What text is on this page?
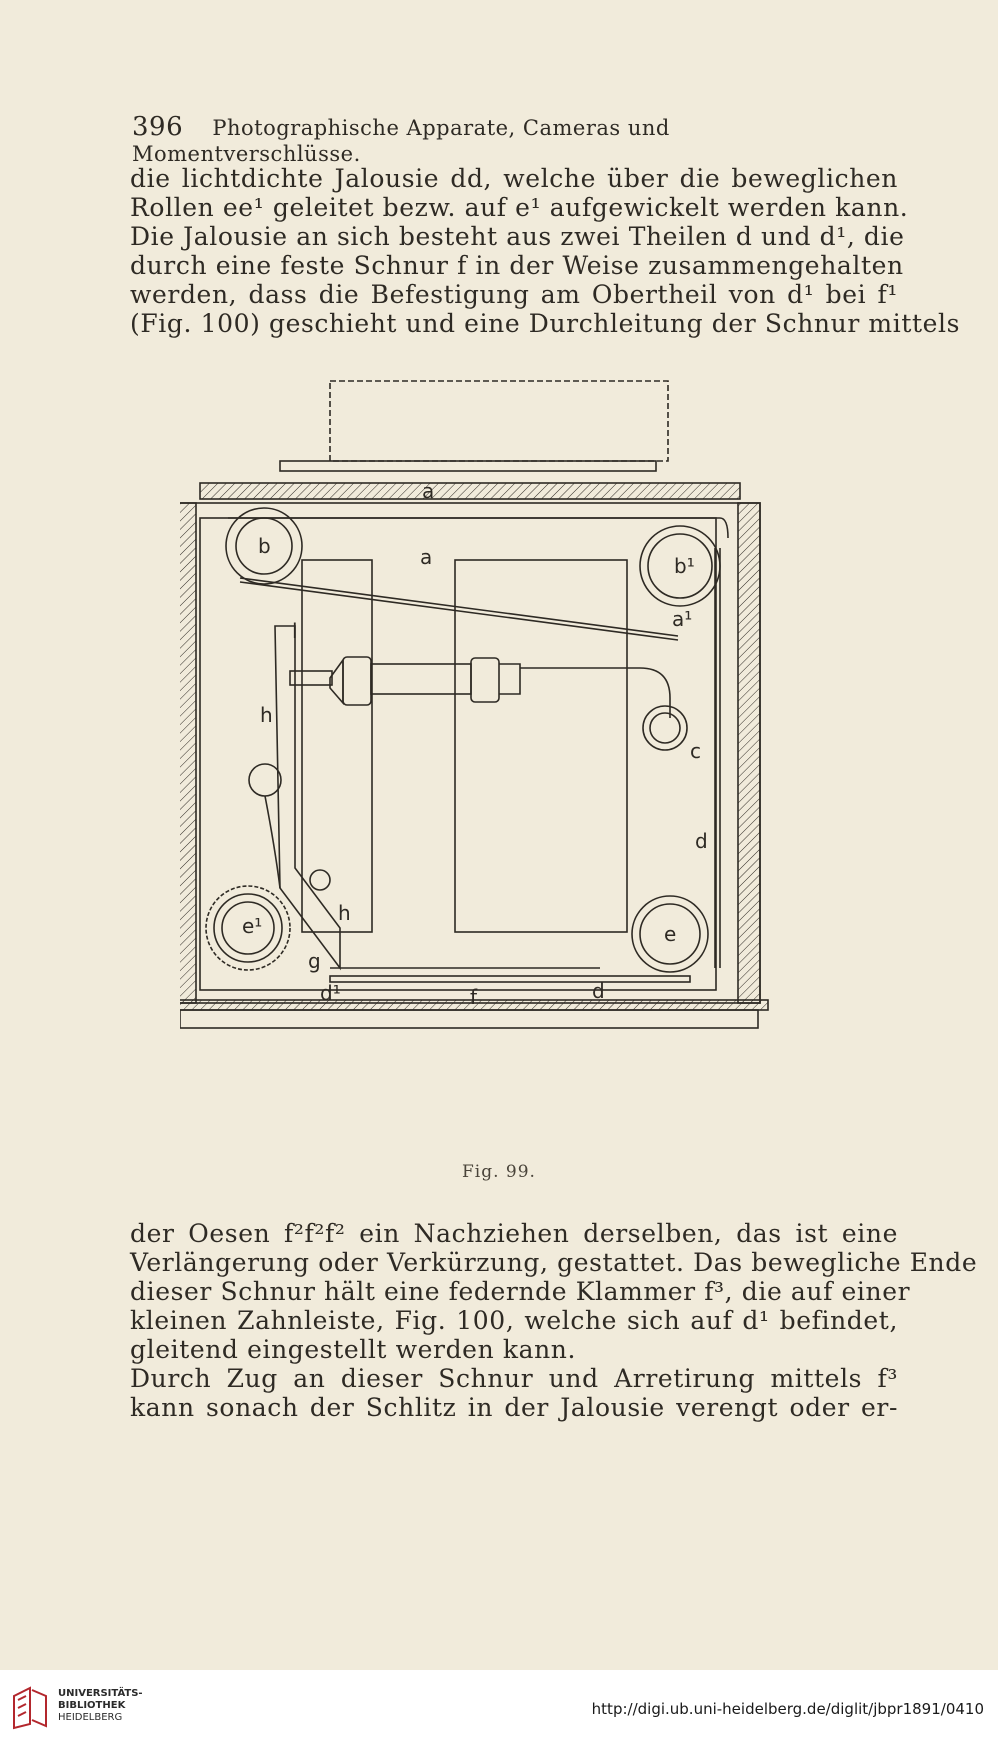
396 Photographische Apparate, Cameras und Momentverschlüsse.
die lichtdichte Jalousie dd, welche über die beweglichen
Rollen ee¹ geleitet bezw. auf e¹ aufgewickelt werden kann.
Die Jalousie an sich besteht aus zwei Theilen d und d¹, die
durch eine feste Schnur f in der Weise zusammengehalten
werden, dass die Befestigung am Obertheil von d¹ bei f¹
(Fig. 100) geschieht und eine Durchleitung der Schnur mittels
a
a
a¹
b
b¹
l
h
c
d
e¹	e
g
h
d¹	f	d
Fig. 99.
der Oesen f²f²f² ein Nachziehen derselben, das ist eine
Verlängerung oder Verkürzung, gestattet. Das bewegliche Ende
dieser Schnur hält eine federnde Klammer f³, die auf einer
kleinen Zahnleiste, Fig. 100, welche sich auf d¹ befindet,
gleitend eingestellt werden kann.
Durch Zug an dieser Schnur und Arretirung mittels f³
kann sonach der Schlitz in der Jalousie verengt oder er-
UNIVERSITÄTS-
BIBLIOTHEK
HEIDELBERG	http://digi.ub.uni-heidelberg.de/diglit/jbpr1891/0410
